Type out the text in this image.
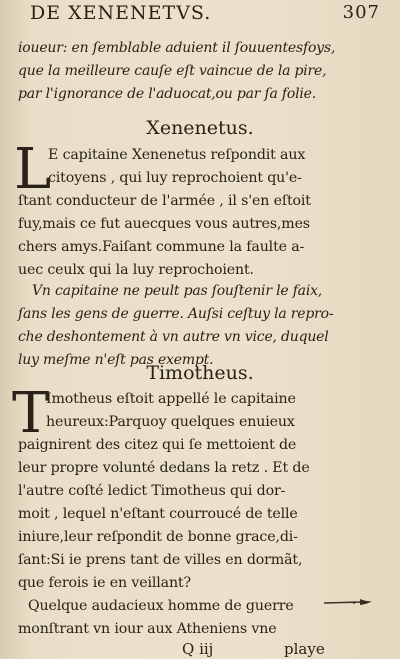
DE XENENETVS.	307
ioueur: en ſemblable aduient il ſouuentesfoys,
que la meilleure cauſe eſt vaincue de la pire,
par l'ignorance de l'aduocat,ou par ſa folie.
Xenenetus.
L
E capitaine Xenenetus reſpondit aux
citoyens , qui luy reprochoient qu'e-
ſtant conducteur de l'armée , il s'en eſtoit
fuy,mais ce fut auecques vous autres,mes
chers amys.Faiſant commune la faulte a-
uec ceulx qui la luy reprochoient.
Vn capitaine ne peult pas ſouſtenir le faix,
ſans les gens de guerre. Auſsi ceſtuy la repro-
che deshontement à vn autre vn vice, duquel
luy meſme n'eſt pas exempt.
Timotheus.
T
Imotheus eſtoit appellé le capitaine
heureux:Parquoy quelques enuieux
paignirent des citez qui ſe mettoient de
leur propre volunté dedans la retz . Et de
l'autre coſté ledict Timotheus qui dor-
moit , lequel n'eſtant courroucé de telle
iniure,leur reſpondit de bonne grace,di-
ſant:Si ie prens tant de villes en dormãt,
que ferois ie en veillant?
Quelque audacieux homme de guerre
monſtrant vn iour aux Atheniens vne
Q iij	playe
